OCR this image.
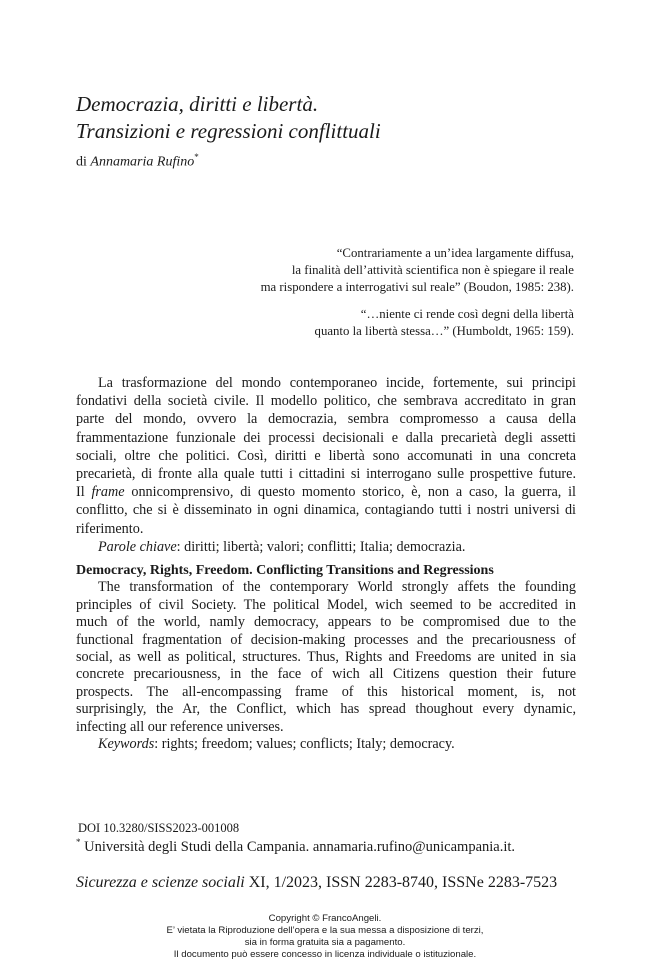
Democrazia, diritti e libertà.
Transizioni e regressioni conflittuali
di Annamaria Rufino*
“Contrariamente a un’idea largamente diffusa,
la finalità dell’attività scientifica non è spiegare il reale
ma rispondere a interrogativi sul reale” (Boudon, 1985: 238).
“…niente ci rende così degni della libertà
quanto la libertà stessa…” (Humboldt, 1965: 159).
La trasformazione del mondo contemporaneo incide, fortemente, sui principi
fondativi della società civile. Il modello politico, che sembrava accreditato in gran
parte del mondo, ovvero la democrazia, sembra compromesso a causa della
frammentazione funzionale dei processi decisionali e dalla precarietà degli assetti
sociali, oltre che politici. Così, diritti e libertà sono accomunati in una concreta
precarietà, di fronte alla quale tutti i cittadini si interrogano sulle prospettive future.
Il frame onnicomprensivo, di questo momento storico, è, non a caso, la guerra, il
conflitto, che si è disseminato in ogni dinamica, contagiando tutti i nostri universi di
riferimento.
Parole chiave: diritti; libertà; valori; conflitti; Italia; democrazia.
Democracy, Rights, Freedom. Conflicting Transitions and Regressions
The transformation of the contemporary World strongly affets the founding
principles of civil Society. The political Model, wich seemed to be accredited in
much of the world, namly democracy, appears to be compromised due to the
functional fragmentation of decision-making processes and the precariousness of
social, as well as political, structures. Thus, Rights and Freedoms are united in sia
concrete precariousness, in the face of wich all Citizens question their future
prospects. The all-encompassing frame of this historical moment, is, not
surprisingly, the Ar, the Conflict, which has spread thoughout every dynamic,
infecting all our reference universes.
Keywords: rights; freedom; values; conflicts; Italy; democracy.
DOI 10.3280/SISS2023-001008
* Università degli Studi della Campania. annamaria.rufino@unicampania.it.
Sicurezza e scienze sociali XI, 1/2023, ISSN 2283-8740, ISSNe 2283-7523
Copyright © FrancoAngeli.
E’ vietata la Riproduzione dell’opera e la sua messa a disposizione di terzi,
sia in forma gratuita sia a pagamento.
Il documento può essere concesso in licenza individuale o istituzionale.
